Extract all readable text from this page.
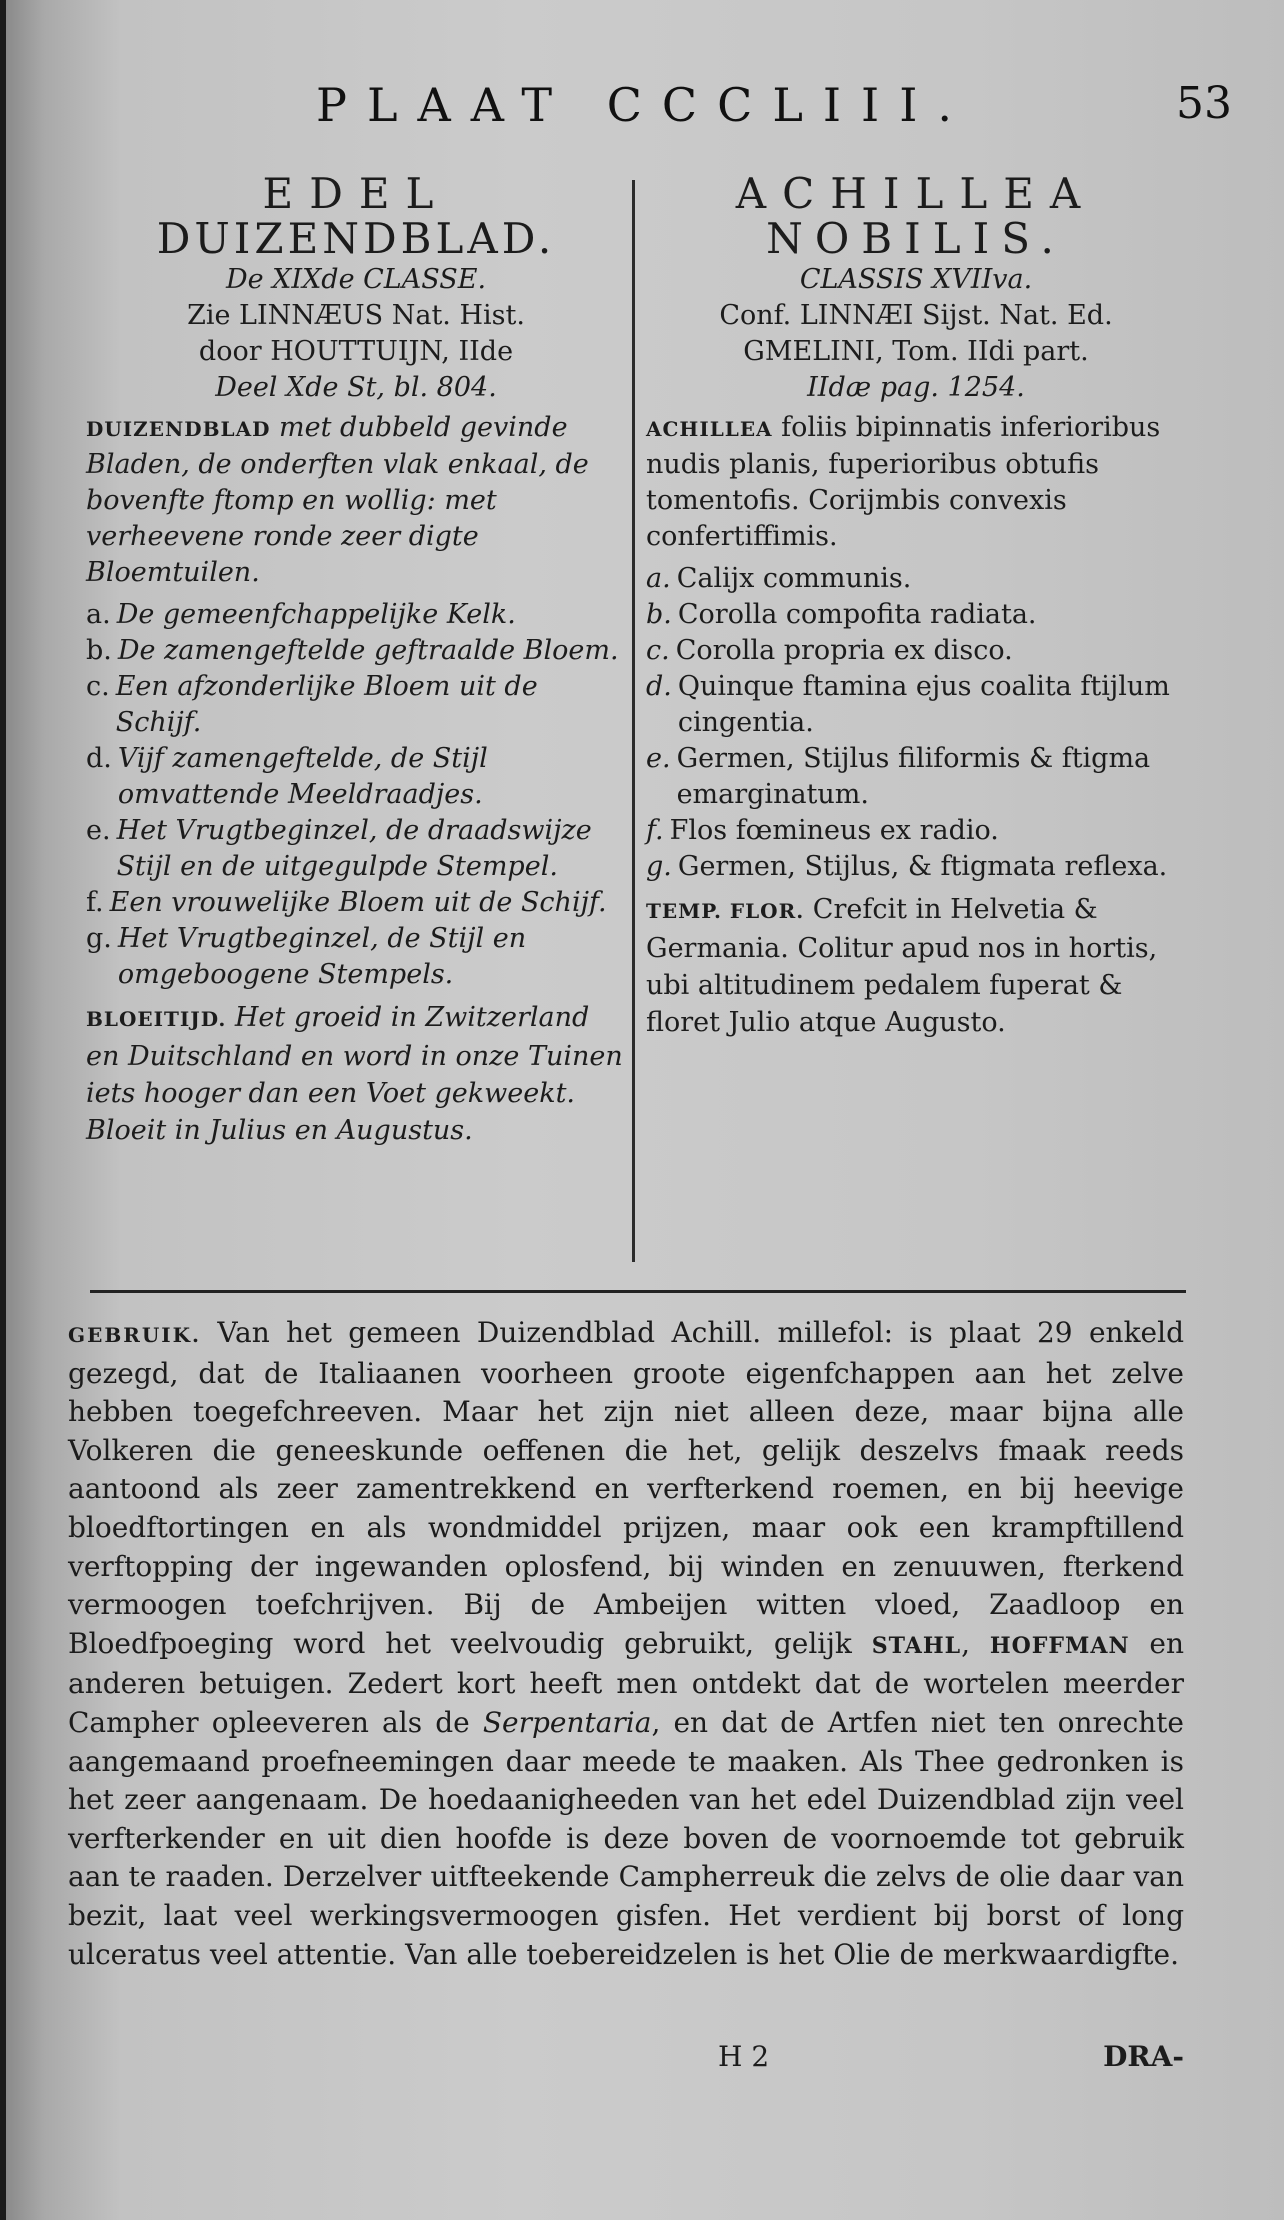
PLAAT CCCLIII.	53
EDEL
DUIZENDBLAD.
De XIXde CLASSE.
Zie LINNÆUS Nat. Hist.
door HOUTTUIJN, IIde
Deel Xde St, bl. 804.
DUIZENDBLAD met dubbeld gevinde Bladen, de onderften vlak enkaal, de bovenfte ftomp en wollig: met verheevene ronde zeer digte Bloemtuilen.
a. De gemeenfchappelijke Kelk.
b. De zamengeftelde geftraalde Bloem.
c. Een afzonderlijke Bloem uit de Schijf.
d. Vijf zamengeftelde, de Stijl omvattende Meeldraadjes.
e. Het Vrugtbeginzel, de draadswijze Stijl en de uitgegulpde Stempel.
f. Een vrouwelijke Bloem uit de Schijf.
g. Het Vrugtbeginzel, de Stijl en omgeboogene Stempels.
BLOEITIJD. Het groeid in Zwitzerland en Duitschland en word in onze Tuinen iets hooger dan een Voet gekweekt. Bloeit in Julius en Augustus.
ACHILLEA
NOBILIS.
CLASSIS XVIIva.
Conf. LINNÆI Sijst. Nat. Ed.
GMELINI, Tom. IIdi part.
IIdæ pag. 1254.
ACHILLEA foliis bipinnatis inferioribus nudis planis, fuperioribus obtufis tomentofis. Corijmbis convexis confertiffimis.
a. Calijx communis.
b. Corolla compofita radiata.
c. Corolla propria ex disco.
d. Quinque ftamina ejus coalita ftijlum cingentia.
e. Germen, Stijlus filiformis & ftigma emarginatum.
f. Flos fœmineus ex radio.
g. Germen, Stijlus, & ftigmata reflexa.
TEMP. FLOR. Crefcit in Helvetia & Germania. Colitur apud nos in hortis, ubi altitudinem pedalem fuperat & floret Julio atque Augusto.
GEBRUIK. Van het gemeen Duizendblad Achill. millefol: is plaat 29 enkeld gezegd, dat de Italiaanen voorheen groote eigenfchappen aan het zelve hebben toegefchreeven. Maar het zijn niet alleen deze, maar bijna alle Volkeren die geneeskunde oeffenen die het, gelijk deszelvs fmaak reeds aantoond als zeer zamentrekkend en verfterkend roemen, en bij heevige bloedftortingen en als wondmiddel prijzen, maar ook een krampftillend verftopping der ingewanden oplosfend, bij winden en zenuuwen, fterkend vermoogen toefchrijven. Bij de Ambeijen witten vloed, Zaadloop en Bloedfpoeging word het veelvoudig gebruikt, gelijk STAHL, HOFFMAN en anderen betuigen. Zedert kort heeft men ontdekt dat de wortelen meerder Campher opleeveren als de Serpentaria, en dat de Artfen niet ten onrechte aangemaand proefneemingen daar meede te maaken. Als Thee gedronken is het zeer aangenaam. De hoedaanigheeden van het edel Duizendblad zijn veel verfterkender en uit dien hoofde is deze boven de voornoemde tot gebruik aan te raaden. Derzelver uitfteekende Campherreuk die zelvs de olie daar van bezit, laat veel werkingsvermoogen gisfen. Het verdient bij borst of long ulceratus veel attentie. Van alle toebereidzelen is het Olie de merkwaardigfte.
H 2	DRA-
